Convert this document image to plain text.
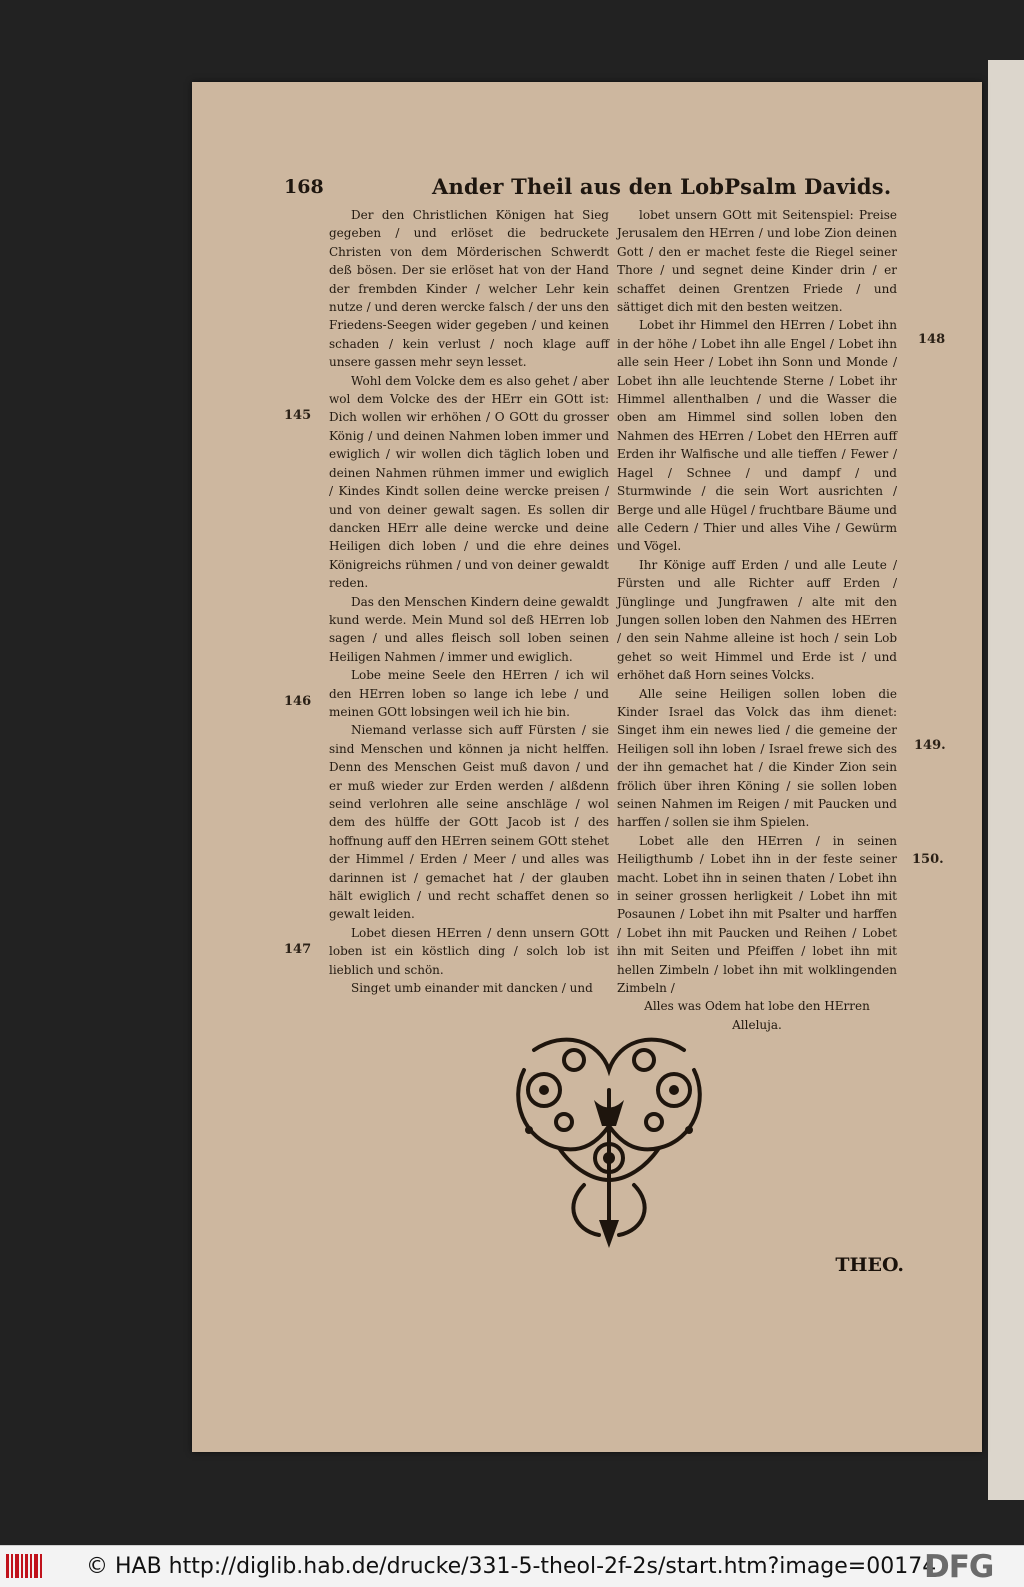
168	Ander Theil aus den LobPsalm Davids.

Der den Christlichen Königen hat Sieg gegeben / und erlöset die bedruckete Christen von dem Mörderischen Schwerdt deß bösen. Der sie erlöset hat von der Hand der frembden Kinder / welcher Lehr kein nutze / und deren wercke falsch / der uns den Friedens-Seegen wider gegeben / und keinen schaden / kein verlust / noch klage auff unsere gassen mehr seyn lesset.

Wohl dem Volcke dem es also gehet / aber wol dem Volcke des der HErr ein GOtt ist: Dich wollen wir erhöhen / O GOtt du grosser König / und deinen Nahmen loben immer und ewiglich / wir wollen dich täglich loben und deinen Nahmen rühmen immer und ewiglich / Kindes Kindt sollen deine wercke preisen / und von deiner gewalt sagen. Es sollen dir dancken HErr alle deine wercke und deine Heiligen dich loben / und die ehre deines Königreichs rühmen / und von deiner gewaldt reden.

Das den Menschen Kindern deine gewaldt kund werde. Mein Mund sol deß HErren lob sagen / und alles fleisch soll loben seinen Heiligen Nahmen / immer und ewiglich.

Lobe meine Seele den HErren / ich wil den HErren loben so lange ich lebe / und meinen GOtt lobsingen weil ich hie bin.

Niemand verlasse sich auff Fürsten / sie sind Menschen und können ja nicht helffen. Denn des Menschen Geist muß davon / und er muß wieder zur Erden werden / alßdenn seind verlohren alle seine anschläge / wol dem des hülffe der GOtt Jacob ist / des hoffnung auff den HErren seinem GOtt stehet der Himmel / Erden / Meer / und alles was darinnen ist / gemachet hat / der glauben hält ewiglich / und recht schaffet denen so gewalt leiden.

Lobet diesen HErren / denn unsern GOtt loben ist ein köstlich ding / solch lob ist lieblich und schön.

Singet umb einander mit dancken / und

lobet unsern GOtt mit Seitenspiel: Preise Jerusalem den HErren / und lobe Zion deinen Gott / den er machet feste die Riegel seiner Thore / und segnet deine Kinder drin / er schaffet deinen Grentzen Friede / und sättiget dich mit den besten weitzen.

Lobet ihr Himmel den HErren / Lobet ihn in der höhe / Lobet ihn alle Engel / Lobet ihn alle sein Heer / Lobet ihn Sonn und Monde / Lobet ihn alle leuchtende Sterne / Lobet ihr Himmel allenthalben / und die Wasser die oben am Himmel sind sollen loben den Nahmen des HErren / Lobet den HErren auff Erden ihr Walfische und alle tieffen / Fewer / Hagel / Schnee / und dampf / und Sturmwinde / die sein Wort ausrichten / Berge und alle Hügel / fruchtbare Bäume und alle Cedern / Thier und alles Vihe / Gewürm und Vögel.

Ihr Könige auff Erden / und alle Leute / Fürsten und alle Richter auff Erden / Jünglinge und Jungfrawen / alte mit den Jungen sollen loben den Nahmen des HErren / den sein Nahme alleine ist hoch / sein Lob gehet so weit Himmel und Erde ist / und erhöhet daß Horn seines Volcks.

Alle seine Heiligen sollen loben die Kinder Israel das Volck das ihm dienet: Singet ihm ein newes lied / die gemeine der Heiligen soll ihn loben / Israel frewe sich des der ihn gemachet hat / die Kinder Zion sein frölich über ihren Köning / sie sollen loben seinen Nahmen im Reigen / mit Paucken und harffen / sollen sie ihm Spielen.

Lobet alle den HErren / in seinen Heiligthumb / Lobet ihn in der feste seiner macht. Lobet ihn in seinen thaten / Lobet ihn in seiner grossen herligkeit / Lobet ihn mit Posaunen / Lobet ihn mit Psalter und harffen / Lobet ihn mit Paucken und Reihen / Lobet ihn mit Seiten und Pfeiffen / lobet ihn mit hellen Zimbeln / lobet ihn mit wolklingenden Zimbeln /

Alles was Odem hat lobe den HErren

Alleluja.

145
146
147
148
149.
150.
THEO.
© HAB http://diglib.hab.de/drucke/331-5-theol-2f-2s/start.htm?image=00174
DFG
